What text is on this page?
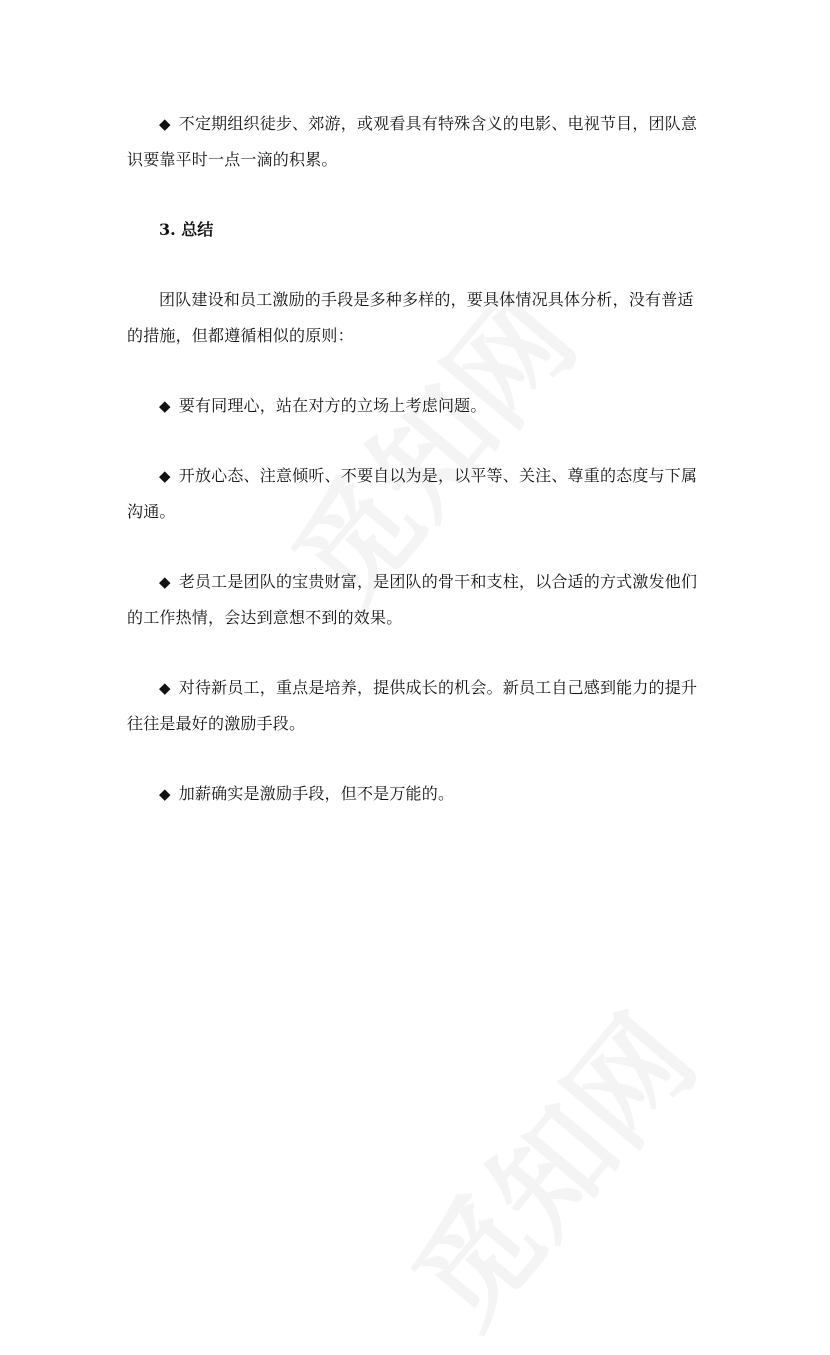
◆ 不定期组织徒步、郊游，或观看具有特殊含义的电影、电视节目，团队意识要靠平时一点一滴的积累。

3. 总结

团队建设和员工激励的手段是多种多样的，要具体情况具体分析，没有普适的措施，但都遵循相似的原则：

◆ 要有同理心，站在对方的立场上考虑问题。

◆ 开放心态、注意倾听、不要自以为是，以平等、关注、尊重的态度与下属沟通。

◆ 老员工是团队的宝贵财富，是团队的骨干和支柱，以合适的方式激发他们的工作热情，会达到意想不到的效果。

◆ 对待新员工，重点是培养，提供成长的机会。新员工自己感到能力的提升往往是最好的激励手段。

◆ 加薪确实是激励手段，但不是万能的。
